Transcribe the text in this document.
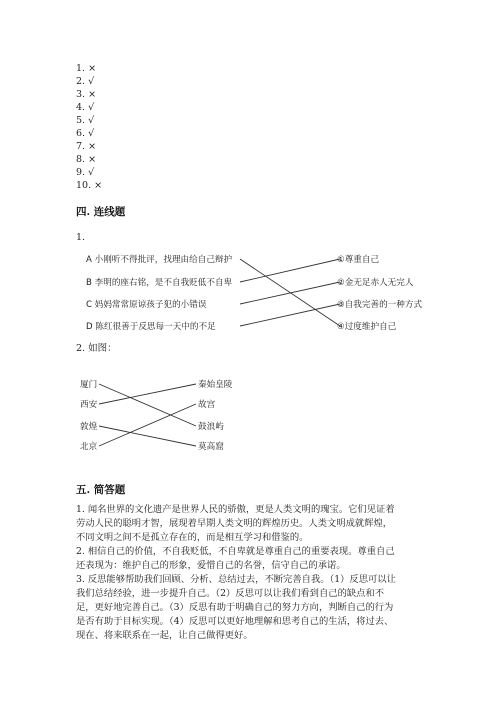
1. ×
2. √
3. ×
4. √
5. √
6. √
7. ×
8. ×
9. √
10. ×
四. 连线题
1.
A 小刚听不得批评，找理由给自己辩护
B 李明的座右铭，是不自我贬低不自卑
C 妈妈常常原谅孩子犯的小错误
D 陈红很善于反思每一天中的不足
①尊重自己
②金无足赤人无完人
③自我完善的一种方式
④过度维护自己
2. 如图：
厦门
西安
敦煌
北京
秦始皇陵
故宫
鼓浪屿
莫高窟
五. 简答题
1. 闻名世界的文化遗产是世界人民的骄傲，更是人类文明的瑰宝。它们见证着
劳动人民的聪明才智，展现着早期人类文明的辉煌历史。人类文明成就辉煌，
不同文明之间不是孤立存在的，而是相互学习和借鉴的。
2. 相信自己的价值，不自我贬低，不自卑就是尊重自己的重要表现。尊重自己
还表现为：维护自己的形象，爱惜自己的名誉，信守自己的承诺。
3. 反思能够帮助我们回顾、分析、总结过去，不断完善自我。（1）反思可以让
我们总结经验，进一步提升自己。（2）反思可以让我们看到自己的缺点和不
足，更好地完善自己。（3）反思有助于明确自己的努力方向，判断自己的行为
是否有助于目标实现。（4）反思可以更好地理解和思考自己的生活，将过去、
现在、将来联系在一起，让自己做得更好。
